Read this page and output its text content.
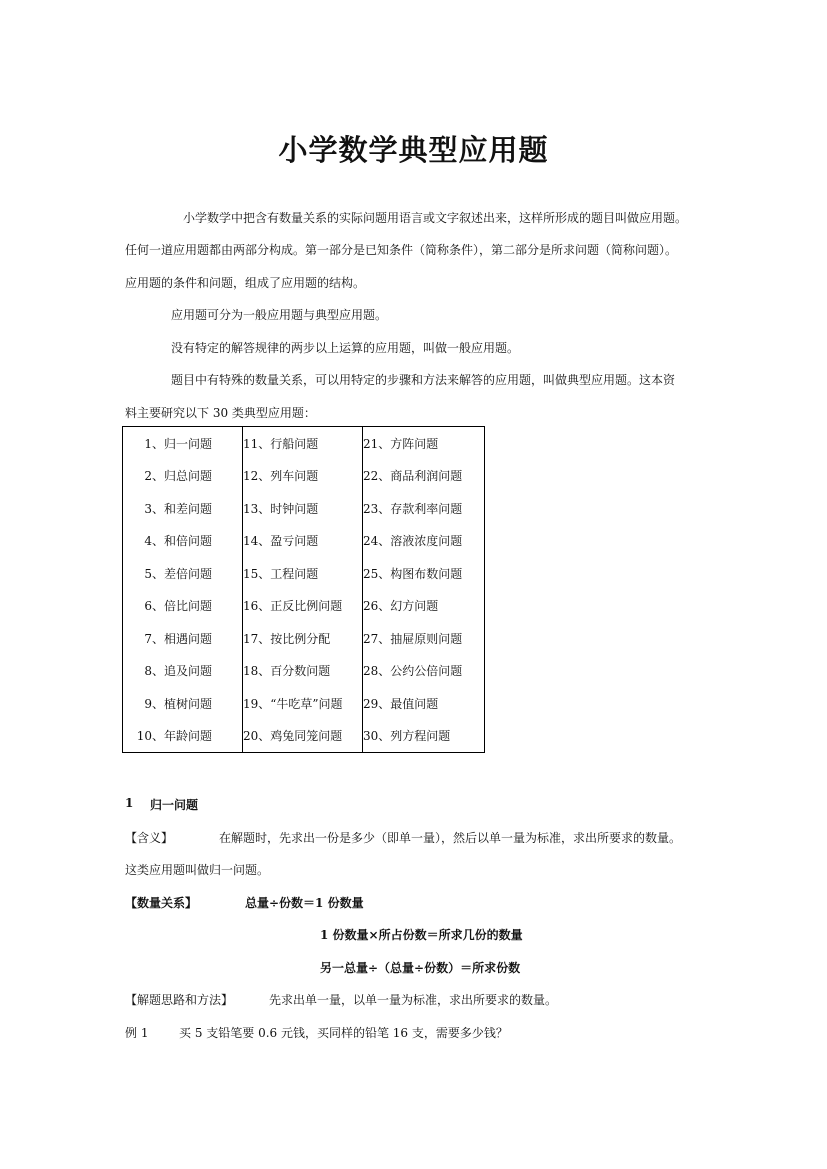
小学数学典型应用题
小学数学中把含有数量关系的实际问题用语言或文字叙述出来，这样所形成的题目叫做应用题。
任何一道应用题都由两部分构成。第一部分是已知条件（简称条件），第二部分是所求问题（简称问题）。
应用题的条件和问题，组成了应用题的结构。
应用题可分为一般应用题与典型应用题。
没有特定的解答规律的两步以上运算的应用题，叫做一般应用题。
题目中有特殊的数量关系，可以用特定的步骤和方法来解答的应用题，叫做典型应用题。这本资
料主要研究以下 30 类典型应用题：
1、归一问题	11、行船问题	21、方阵问题
2、归总问题	12、列车问题	22、商品利润问题
3、和差问题	13、时钟问题	23、存款利率问题
4、和倍问题	14、盈亏问题	24、溶液浓度问题
5、差倍问题	15、工程问题	25、构图布数问题
6、倍比问题	16、正反比例问题	26、幻方问题
7、相遇问题	17、按比例分配	27、抽屉原则问题
8、追及问题	18、百分数问题	28、公约公倍问题
9、植树问题	19、“牛吃草”问题	29、最值问题
10、年龄问题	20、鸡兔同笼问题	30、列方程问题
1 归一问题
【含义】	在解题时，先求出一份是多少（即单一量），然后以单一量为标准，求出所要求的数量。
这类应用题叫做归一问题。
【数量关系】	总量÷份数＝1 份数量
1 份数量×所占份数＝所求几份的数量
另一总量÷（总量÷份数）＝所求份数
【解题思路和方法】	先求出单一量，以单一量为标准，求出所要求的数量。
例 1	买 5 支铅笔要 0.6 元钱，买同样的铅笔 16 支，需要多少钱？
